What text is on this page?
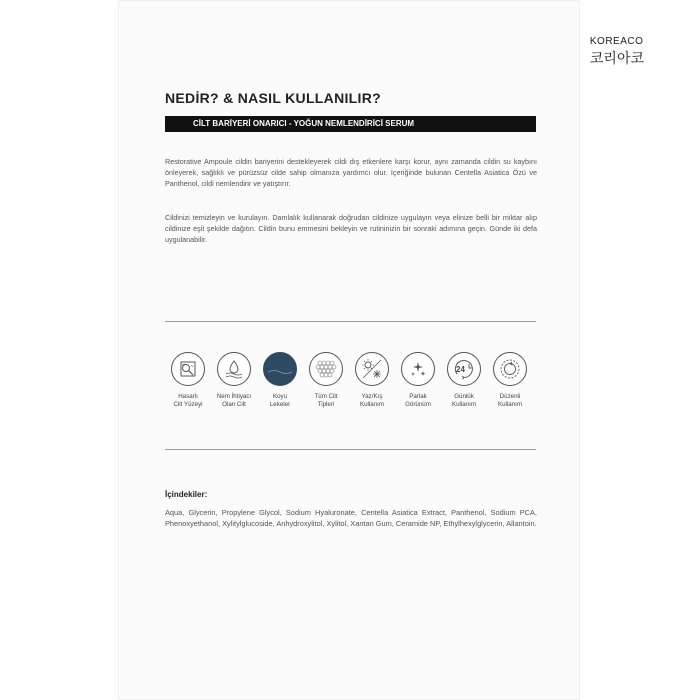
KOREACO
코리아코
NEDİR? & NASIL KULLANILIR?
CİLT BARİYERİ ONARICI - YOĞUN NEMLENDİRİCİ SERUM
Restorative Ampoule cildin bariyerini destekleyerek cildi dış etkenlere karşı korur, aynı zamanda cildin su kaybını önleyerek, sağlıklı ve pürüzsüz cilde sahip olmanıza yardımcı olur. İçeriğinde bulunan Centella Asiatica Özü ve Panthenol, cildi nemlendirir ve yatıştırır.
Cildinizi temizleyin ve kurulayın. Damlalık kullanarak doğrudan cildinize uygulayın veya elinize belli bir miktar alıp cildinize eşit şekilde dağıtın. Cildin bunu emmesini bekleyin ve rutininizin bir sonraki adımına geçin. Günde iki defa uygulanabilir.
Hasarlı
Cilt Yüzeyi
Nem İhtiyacı
Olan Cilt
Koyu
Lekeler
Tüm Cilt
Tipleri
Yaz/Kış
Kullanım
Parlak
Görünüm
24
Günlük
Kullanım
Düzenli
Kullanım
İçindekiler:
Aqua, Glycerin, Propylene Glycol, Sodium Hyaluronate, Centella Asiatica Extract, Panthenol, Sodium PCA, Phenoxyethanol, Xylitylglucoside, Anhydroxylitol, Xylitol, Xantan Gum, Ceramide NP, Ethylhexylglycerin, Allantoin.
